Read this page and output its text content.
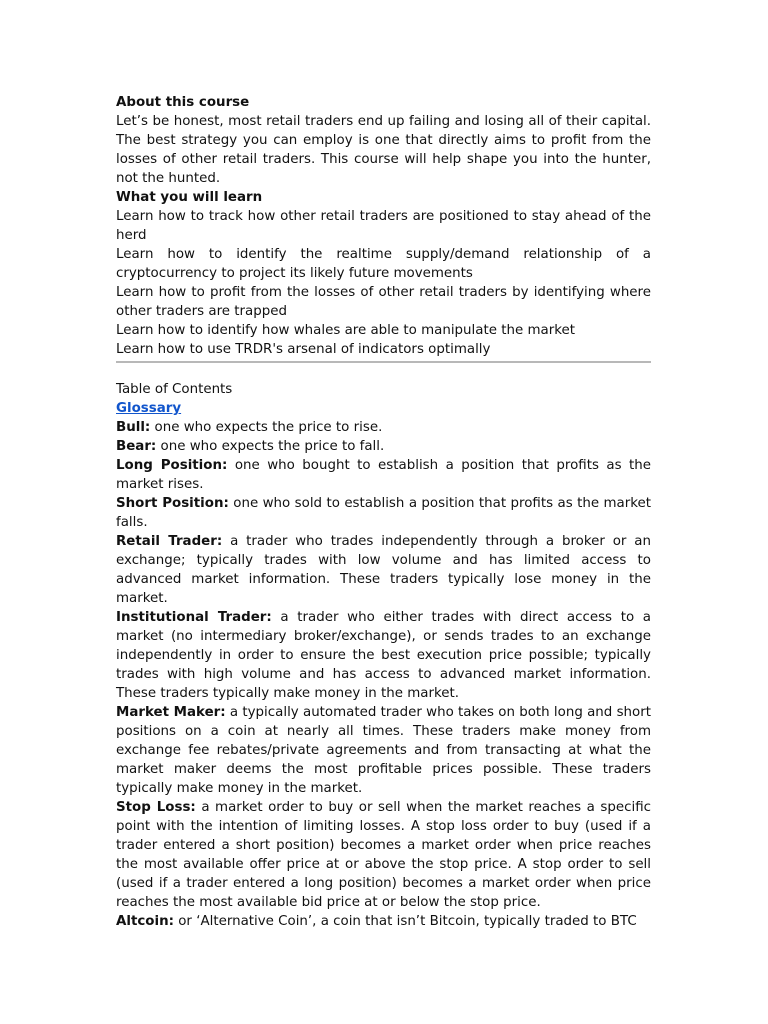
About this course

Let’s be honest, most retail traders end up failing and losing all of their capital. The best strategy you can employ is one that directly aims to profit from the losses of other retail traders. This course will help shape you into the hunter, not the hunted.

What you will learn

Learn how to track how other retail traders are positioned to stay ahead of the herd

Learn how to identify the realtime supply/demand relationship of a cryptocurrency to project its likely future movements

Learn how to profit from the losses of other retail traders by identifying where other traders are trapped

Learn how to identify how whales are able to manipulate the market

Learn how to use TRDR's arsenal of indicators optimally

Table of Contents

Glossary

Bull: one who expects the price to rise.

Bear: one who expects the price to fall.

Long Position: one who bought to establish a position that profits as the market rises.

Short Position: one who sold to establish a position that profits as the market falls.

Retail Trader: a trader who trades independently through a broker or an exchange; typically trades with low volume and has limited access to advanced market information. These traders typically lose money in the market.

Institutional Trader: a trader who either trades with direct access to a market (no intermediary broker/exchange), or sends trades to an exchange independently in order to ensure the best execution price possible; typically trades with high volume and has access to advanced market information. These traders typically make money in the market.

Market Maker: a typically automated trader who takes on both long and short positions on a coin at nearly all times. These traders make money from exchange fee rebates/private agreements and from transacting at what the market maker deems the most profitable prices possible. These traders typically make money in the market.

Stop Loss: a market order to buy or sell when the market reaches a specific point with the intention of limiting losses. A stop loss order to buy (used if a trader entered a short position) becomes a market order when price reaches the most available offer price at or above the stop price. A stop order to sell (used if a trader entered a long position) becomes a market order when price reaches the most available bid price at or below the stop price.

Altcoin: or ‘Alternative Coin’, a coin that isn’t Bitcoin, typically traded to BTC
